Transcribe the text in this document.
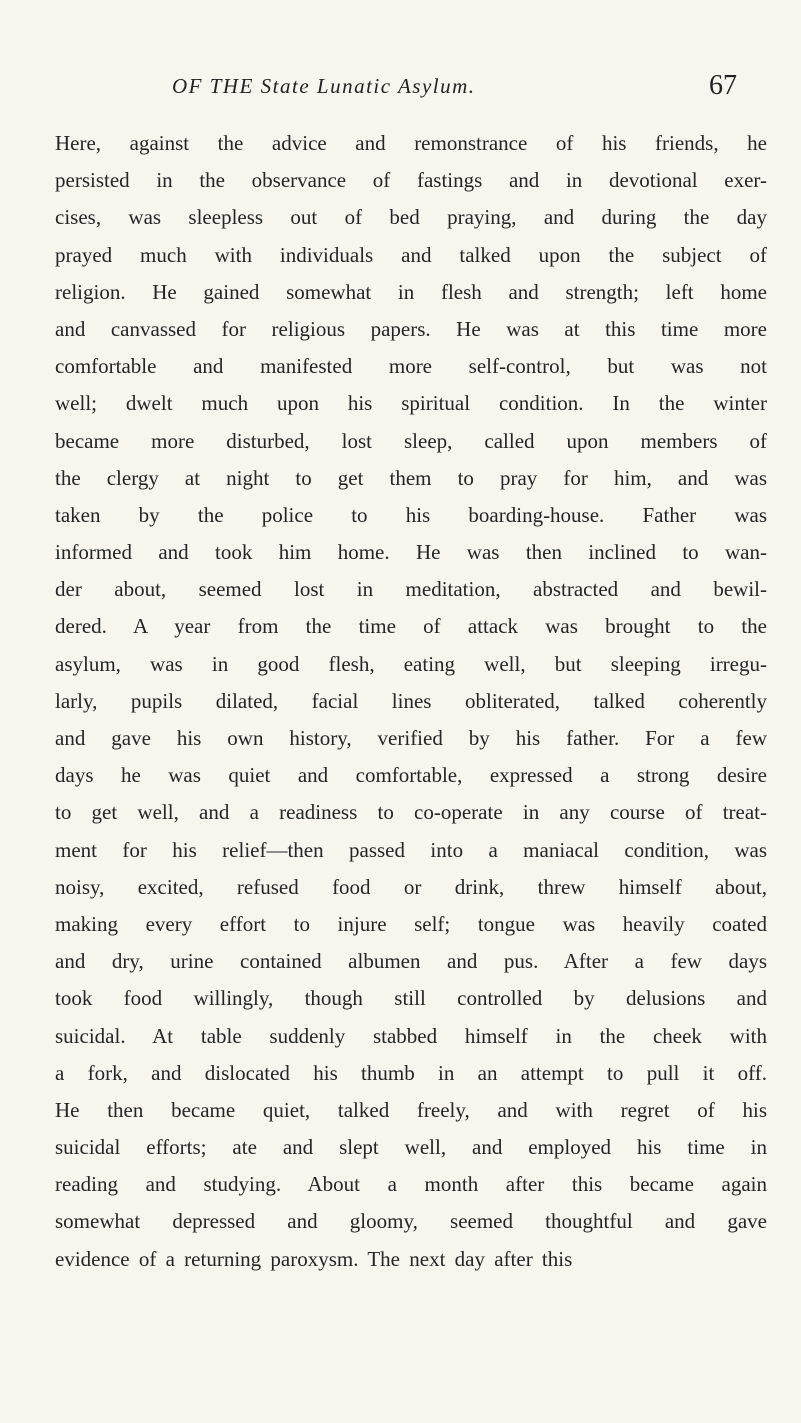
OF THE State Lunatic Asylum.	67
Here, against the advice and remonstrance of his friends, he
persisted in the observance of fastings and in devotional exer-
cises, was sleepless out of bed praying, and during the day
prayed much with individuals and talked upon the subject of
religion. He gained somewhat in flesh and strength; left home
and canvassed for religious papers. He was at this time more
comfortable and manifested more self-control, but was not
well; dwelt much upon his spiritual condition. In the winter
became more disturbed, lost sleep, called upon members of
the clergy at night to get them to pray for him, and was
taken by the police to his boarding-house. Father was
informed and took him home. He was then inclined to wan-
der about, seemed lost in meditation, abstracted and bewil-
dered. A year from the time of attack was brought to the
asylum, was in good flesh, eating well, but sleeping irregu-
larly, pupils dilated, facial lines obliterated, talked coherently
and gave his own history, verified by his father. For a few
days he was quiet and comfortable, expressed a strong desire
to get well, and a readiness to co-operate in any course of treat-
ment for his relief—then passed into a maniacal condition, was
noisy, excited, refused food or drink, threw himself about,
making every effort to injure self; tongue was heavily coated
and dry, urine contained albumen and pus. After a few days
took food willingly, though still controlled by delusions and
suicidal. At table suddenly stabbed himself in the cheek with
a fork, and dislocated his thumb in an attempt to pull it off.
He then became quiet, talked freely, and with regret of his
suicidal efforts; ate and slept well, and employed his time in
reading and studying. About a month after this became again
somewhat depressed and gloomy, seemed thoughtful and gave
evidence of a returning paroxysm. The next day after this
